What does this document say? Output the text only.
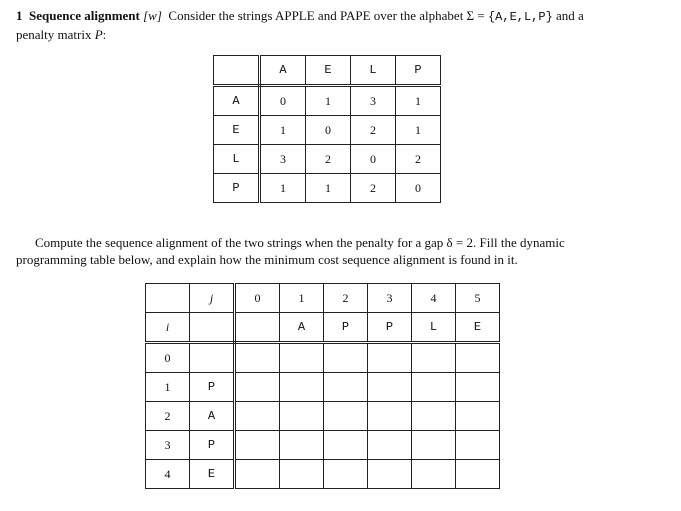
1 Sequence alignment [w] Consider the strings APPLE and PAPE over the alphabet Σ = {A,E,L,P} and a
penalty matrix P:
	A	E	L	P
A	0	1	3	1
E	1	0	2	1
L	3	2	0	2
P	1	1	2	0
Compute the sequence alignment of the two strings when the penalty for a gap δ = 2. Fill the dynamic
programming table below, and explain how the minimum cost sequence alignment is found in it.
	j	0	1	2	3	4	5
i			A	P	P	L	E
0							
1	P						
2	A						
3	P						
4	E						
